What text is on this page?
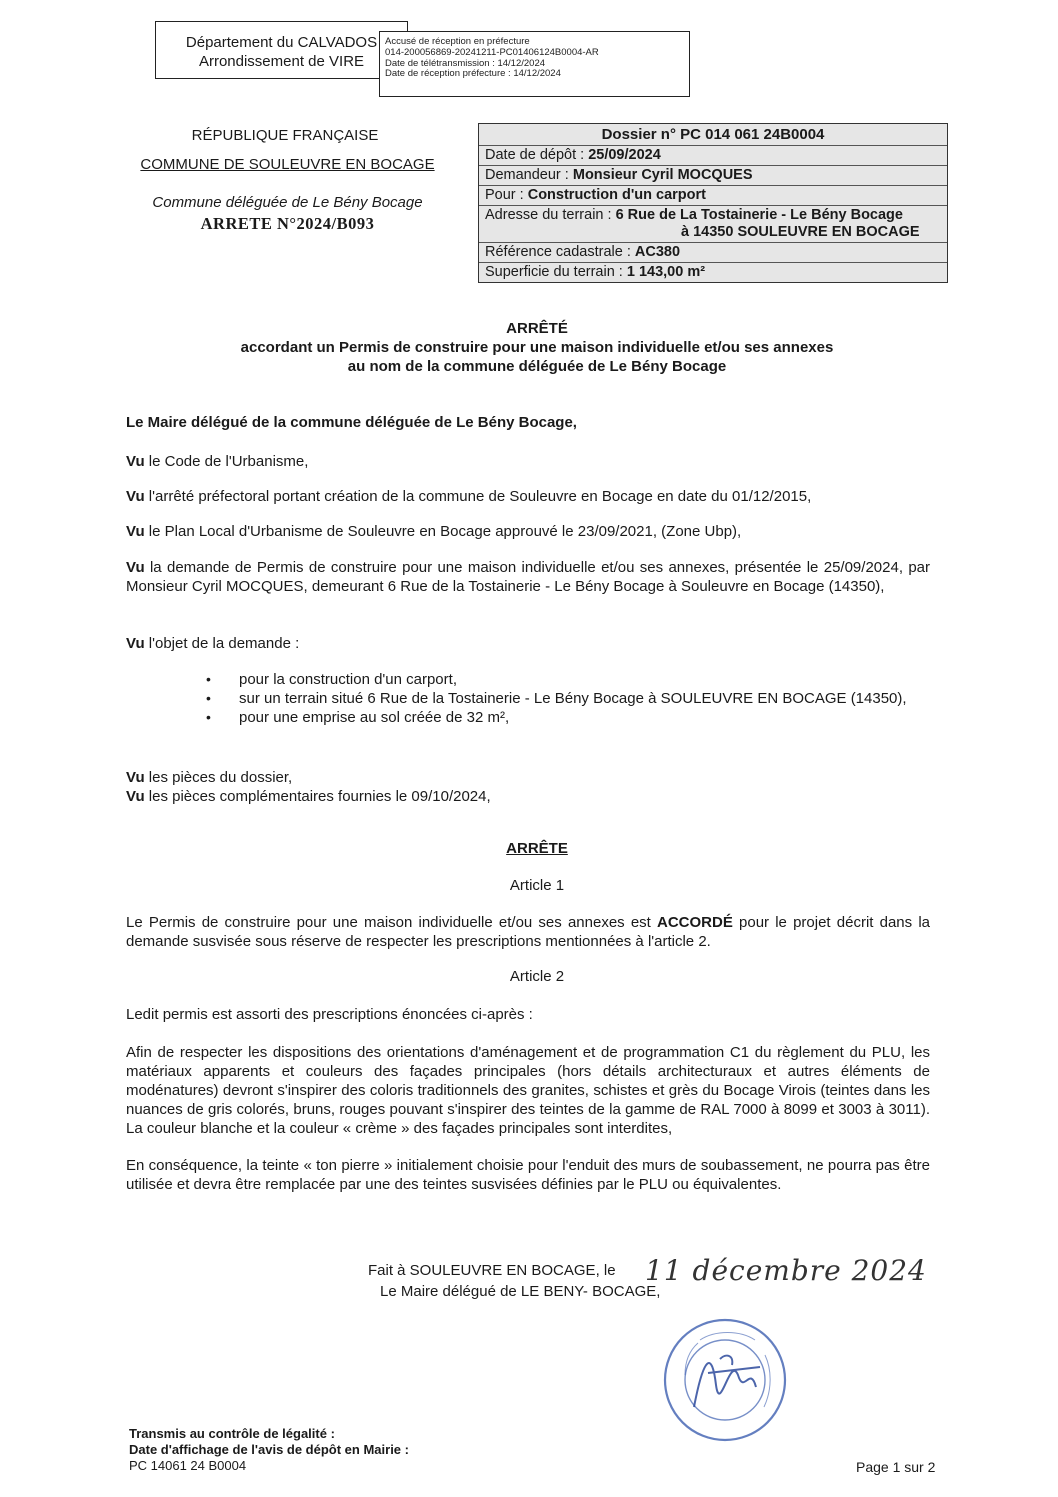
Département du CALVADOS
Arrondissement de VIRE
Accusé de réception en préfecture
014-200056869-20241211-PC01406124B0004-AR
Date de télétransmission : 14/12/2024
Date de réception préfecture : 14/12/2024
RÉPUBLIQUE FRANÇAISE
COMMUNE DE SOULEUVRE EN BOCAGE
Commune déléguée de Le Bény Bocage
ARRETE N°2024/B093
Dossier n° PC 014 061 24B0004
Date de dépôt : 25/09/2024
Demandeur : Monsieur Cyril MOCQUES
Pour : Construction d'un carport
Adresse du terrain : 6 Rue de La Tostainerie - Le Bény Bocage
à 14350 SOULEUVRE EN BOCAGE
Référence cadastrale : AC380
Superficie du terrain : 1 143,00 m²
ARRÊTÉ
accordant un Permis de construire pour une maison individuelle et/ou ses annexes
au nom de la commune déléguée de Le Bény Bocage
Le Maire délégué de la commune déléguée de Le Bény Bocage,
Vu le Code de l'Urbanisme,
Vu l'arrêté préfectoral portant création de la commune de Souleuvre en Bocage en date du 01/12/2015,
Vu le Plan Local d'Urbanisme de Souleuvre en Bocage approuvé le 23/09/2021, (Zone Ubp),
Vu la demande de Permis de construire pour une maison individuelle et/ou ses annexes, présentée le 25/09/2024, par Monsieur Cyril MOCQUES, demeurant 6 Rue de la Tostainerie - Le Bény Bocage à Souleuvre en Bocage (14350),
Vu l'objet de la demande :
• pour la construction d'un carport,
• sur un terrain situé 6 Rue de la Tostainerie - Le Bény Bocage à SOULEUVRE EN BOCAGE (14350),
• pour une emprise au sol créée de 32 m²,
Vu les pièces du dossier,
Vu les pièces complémentaires fournies le 09/10/2024,
ARRÊTE
Article 1
Le Permis de construire pour une maison individuelle et/ou ses annexes est ACCORDÉ pour le projet décrit dans la demande susvisée sous réserve de respecter les prescriptions mentionnées à l'article 2.
Article 2
Ledit permis est assorti des prescriptions énoncées ci-après :
Afin de respecter les dispositions des orientations d'aménagement et de programmation C1 du règlement du PLU, les matériaux apparents et couleurs des façades principales (hors détails architecturaux et autres éléments de modénatures) devront s'inspirer des coloris traditionnels des granites, schistes et grès du Bocage Virois (teintes dans les nuances de gris colorés, bruns, rouges pouvant s'inspirer des teintes de la gamme de RAL 7000 à 8099 et 3003 à 3011). La couleur blanche et la couleur « crème » des façades principales sont interdites,
En conséquence, la teinte « ton pierre » initialement choisie pour l'enduit des murs de soubassement, ne pourra pas être utilisée et devra être remplacée par une des teintes susvisées définies par le PLU ou équivalentes.
Fait à SOULEUVRE EN BOCAGE, le 11 décembre 2024
Le Maire délégué de LE BENY- BOCAGE,
Transmis au contrôle de légalité :
Date d'affichage de l'avis de dépôt en Mairie :
PC 14061 24 B0004	Page 1 sur 2
